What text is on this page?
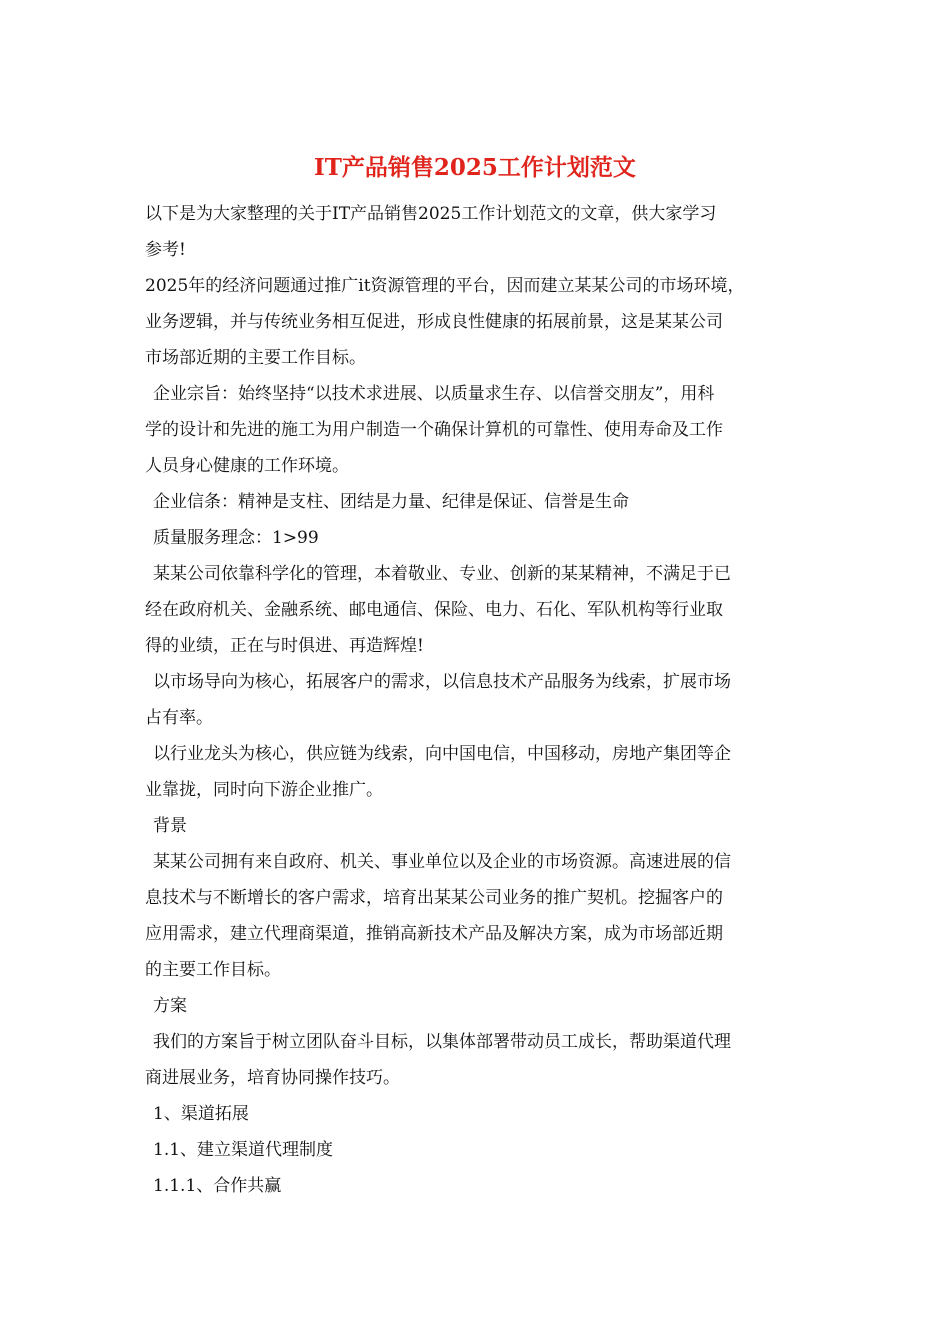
IT产品销售2025工作计划范文
以下是为大家整理的关于IT产品销售2025工作计划范文的文章，供大家学习
参考!
2025年的经济问题通过推广it资源管理的平台，因而建立某某公司的市场环境，
业务逻辑，并与传统业务相互促进，形成良性健康的拓展前景，这是某某公司
市场部近期的主要工作目标。
企业宗旨：始终坚持“以技术求进展、以质量求生存、以信誉交朋友”，用科
学的设计和先进的施工为用户制造一个确保计算机的可靠性、使用寿命及工作
人员身心健康的工作环境。
企业信条：精神是支柱、团结是力量、纪律是保证、信誉是生命
质量服务理念：1>99
某某公司依靠科学化的管理，本着敬业、专业、创新的某某精神，不满足于已
经在政府机关、金融系统、邮电通信、保险、电力、石化、军队机构等行业取
得的业绩，正在与时俱进、再造辉煌!
以市场导向为核心，拓展客户的需求，以信息技术产品服务为线索，扩展市场
占有率。
以行业龙头为核心，供应链为线索，向中国电信，中国移动，房地产集团等企
业靠拢，同时向下游企业推广。
背景
某某公司拥有来自政府、机关、事业单位以及企业的市场资源。高速进展的信
息技术与不断增长的客户需求，培育出某某公司业务的推广契机。挖掘客户的
应用需求，建立代理商渠道，推销高新技术产品及解决方案，成为市场部近期
的主要工作目标。
方案
我们的方案旨于树立团队奋斗目标，以集体部署带动员工成长，帮助渠道代理
商进展业务，培育协同操作技巧。
1、渠道拓展
1.1、建立渠道代理制度
1.1.1、合作共赢
